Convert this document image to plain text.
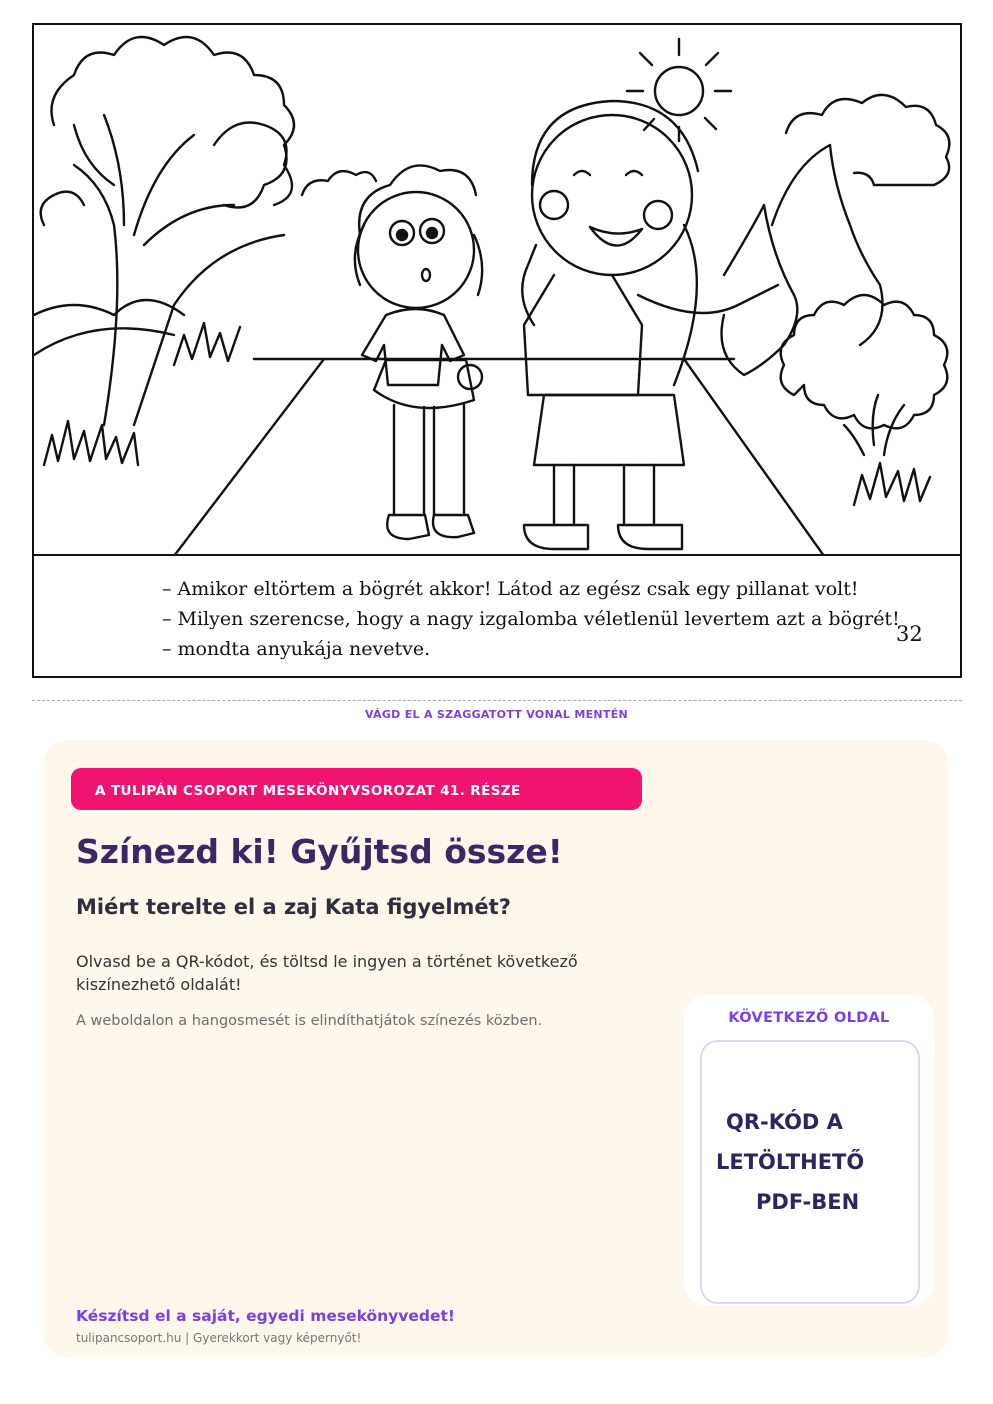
– Amikor eltörtem a bögrét akkor! Látod az egész csak egy pillanat volt!
– Milyen szerencse, hogy a nagy izgalomba véletlenül levertem azt a bögrét!
– mondta anyukája nevetve.
32
VÁGD EL A SZAGGATOTT VONAL MENTÉN
A TULIPÁN CSOPORT MESEKÖNYVSOROZAT 41. RÉSZE
Színezd ki! Gyűjtsd össze!
Miért terelte el a zaj Kata figyelmét?
Olvasd be a QR-kódot, és töltsd le ingyen a történet következő kiszínezhető oldalát!
A weboldalon a hangosmesét is elindíthatjátok színezés közben.	KÖVETKEZŐ OLDAL
QR-KÓD A
LETÖLTHETŐ
PDF-BEN
Készítsd el a saját, egyedi mesekönyvedet!
tulipancsoport.hu | Gyerekkort vagy képernyőt!
